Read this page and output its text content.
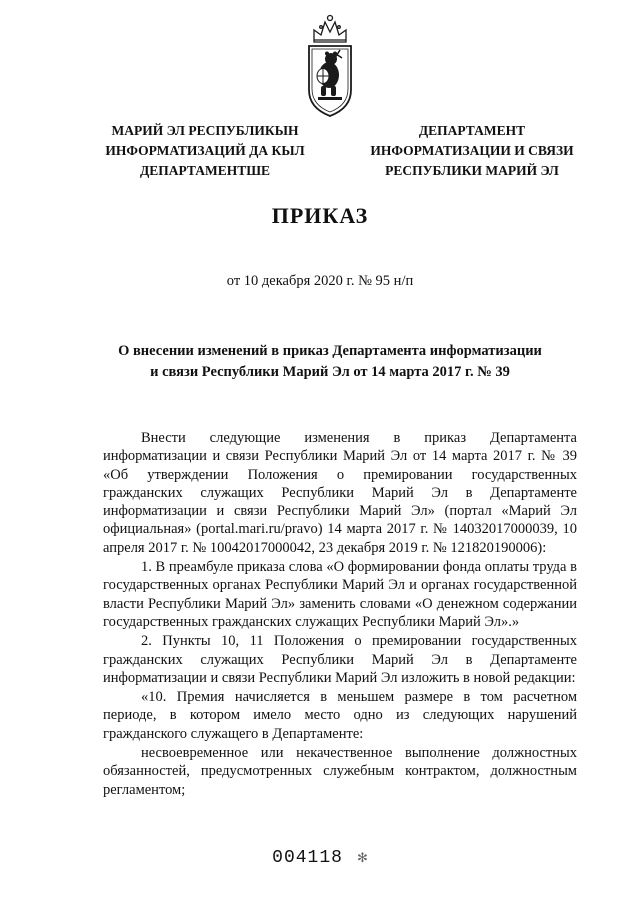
МАРИЙ ЭЛ РЕСПУБЛИКЫН
ИНФОРМАТИЗАЦИЙ ДА КЫЛ
ДЕПАРТАМЕНТШЕ
ДЕПАРТАМЕНТ
ИНФОРМАТИЗАЦИИ И СВЯЗИ
РЕСПУБЛИКИ МАРИЙ ЭЛ
ПРИКАЗ
от 10 декабря 2020 г. № 95 н/п
О внесении изменений в приказ Департамента информатизации
и связи Республики Марий Эл от 14 марта 2017 г. № 39

Внести следующие изменения в приказ Департамента информатизации и связи Республики Марий Эл от 14 марта 2017 г. № 39 «Об утверждении Положения о премировании государственных гражданских служащих Республики Марий Эл в Департаменте информатизации и связи Республики Марий Эл» (портал «Марий Эл официальная» (portal.mari.ru/pravo) 14 марта 2017 г. № 14032017000039, 10 апреля 2017 г. № 10042017000042, 23 декабря 2019 г. № 121820190006):

1. В преамбуле приказа слова «О формировании фонда оплаты труда в государственных органах Республики Марий Эл и органах государственной власти Республики Марий Эл» заменить словами «О денежном содержании государственных гражданских служащих Республики Марий Эл».»

2. Пункты 10, 11 Положения о премировании государственных гражданских служащих Республики Марий Эл в Департаменте информатизации и связи Республики Марий Эл изложить в новой редакции:

«10. Премия начисляется в меньшем размере в том расчетном периоде, в котором имело место одно из следующих нарушений гражданского служащего в Департаменте:

несвоевременное или некачественное выполнение должностных обязанностей, предусмотренных служебным контрактом, должностным регламентом;

004118 ✻
